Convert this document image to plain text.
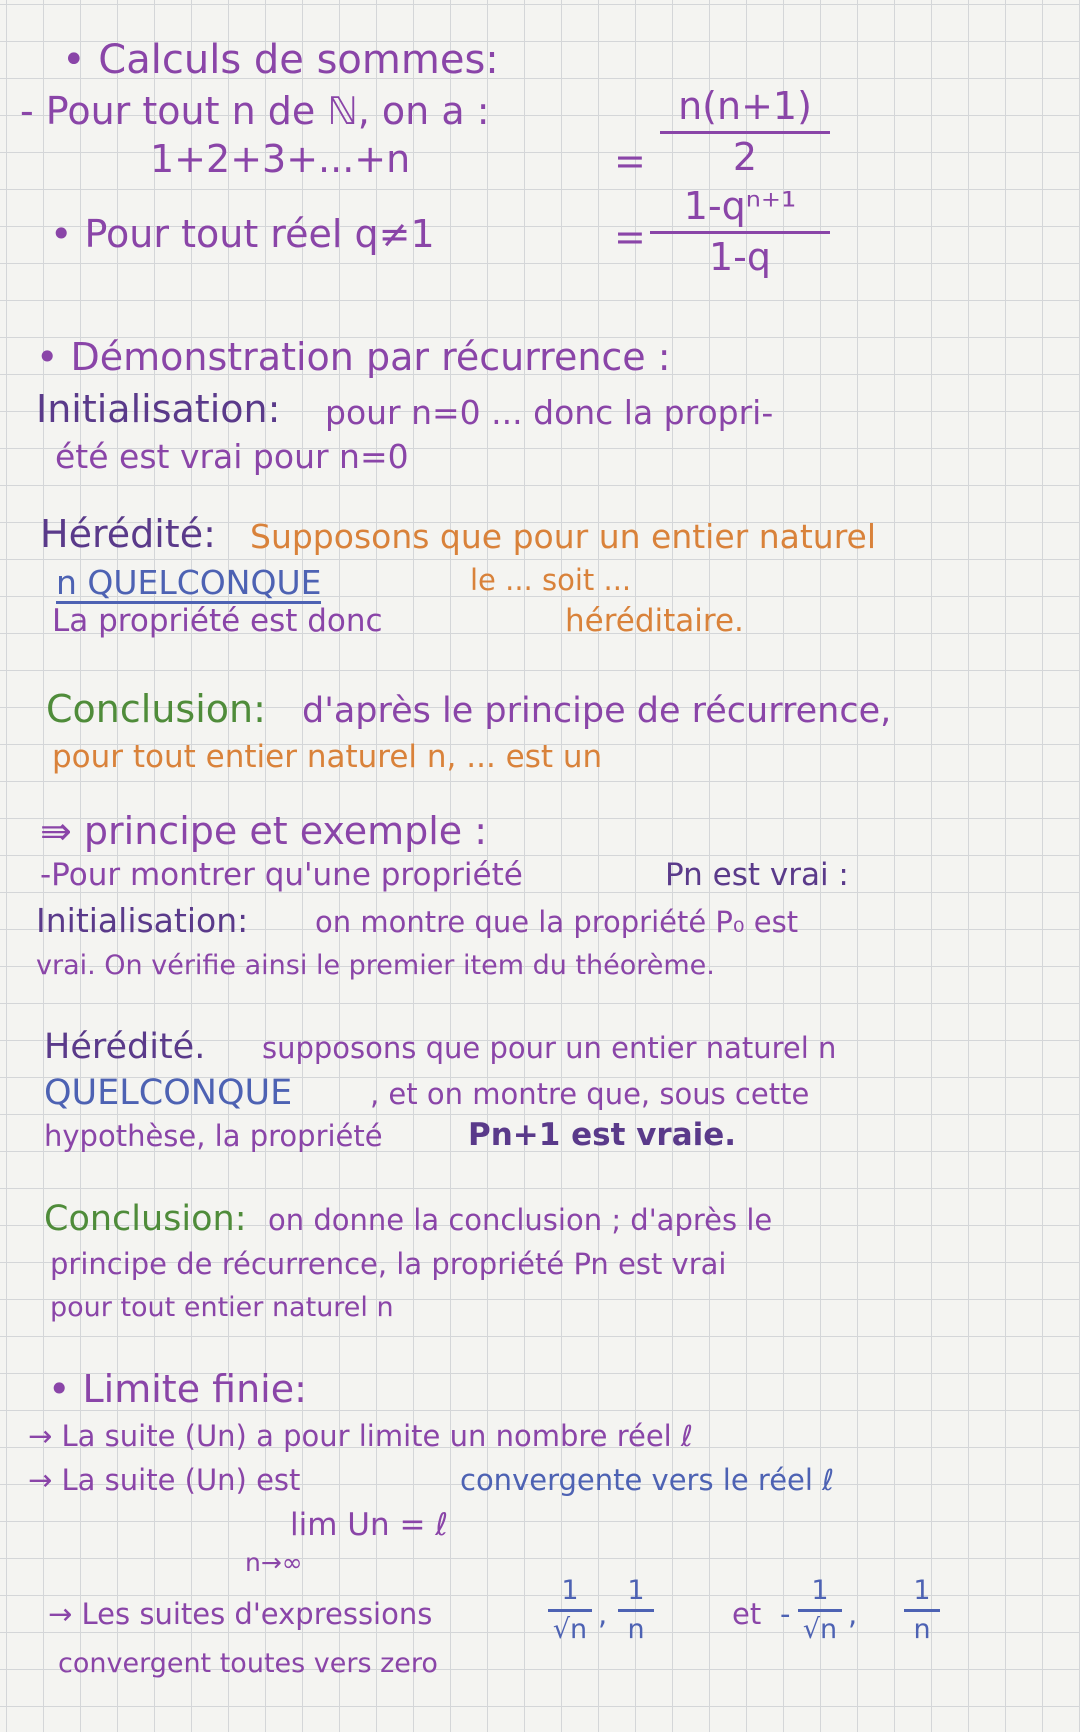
• Calculs de sommes:
- Pour tout n de ℕ, on a :
1+2+3+...+n	=
n(n+1)
2
• Pour tout réel q≠1	=
1-qⁿ⁺¹
1-q
• Démonstration par récurrence :
Initialisation: pour n=0 ... donc la propri-
été est vrai pour n=0
Hérédité: Supposons que pour un entier naturel
n QUELCONQUE	le ... soit ...
La propriété est donc	héréditaire.
Conclusion: d'après le principe de récurrence,
pour tout entier naturel n, ... est un
⇛ principe et exemple :
-Pour montrer qu'une propriété	Pn est vrai :
Initialisation: on montre que la propriété P₀ est
vrai. On vérifie ainsi le premier item du théorème.
Hérédité. supposons que pour un entier naturel n
QUELCONQUE	, et on montre que, sous cette
hypothèse, la propriété	Pn+1 est vraie.
Conclusion: on donne la conclusion ; d'après le
principe de récurrence, la propriété Pn est vrai
pour tout entier naturel n
• Limite finie:
→ La suite (Un) a pour limite un nombre réel ℓ
→ La suite (Un) est	convergente vers le réel ℓ
lim Un = ℓ
n→∞
→ Les suites d'expressions
1
√n ,
1
n	et -
1
√n ,
1
n
convergent toutes vers zero
